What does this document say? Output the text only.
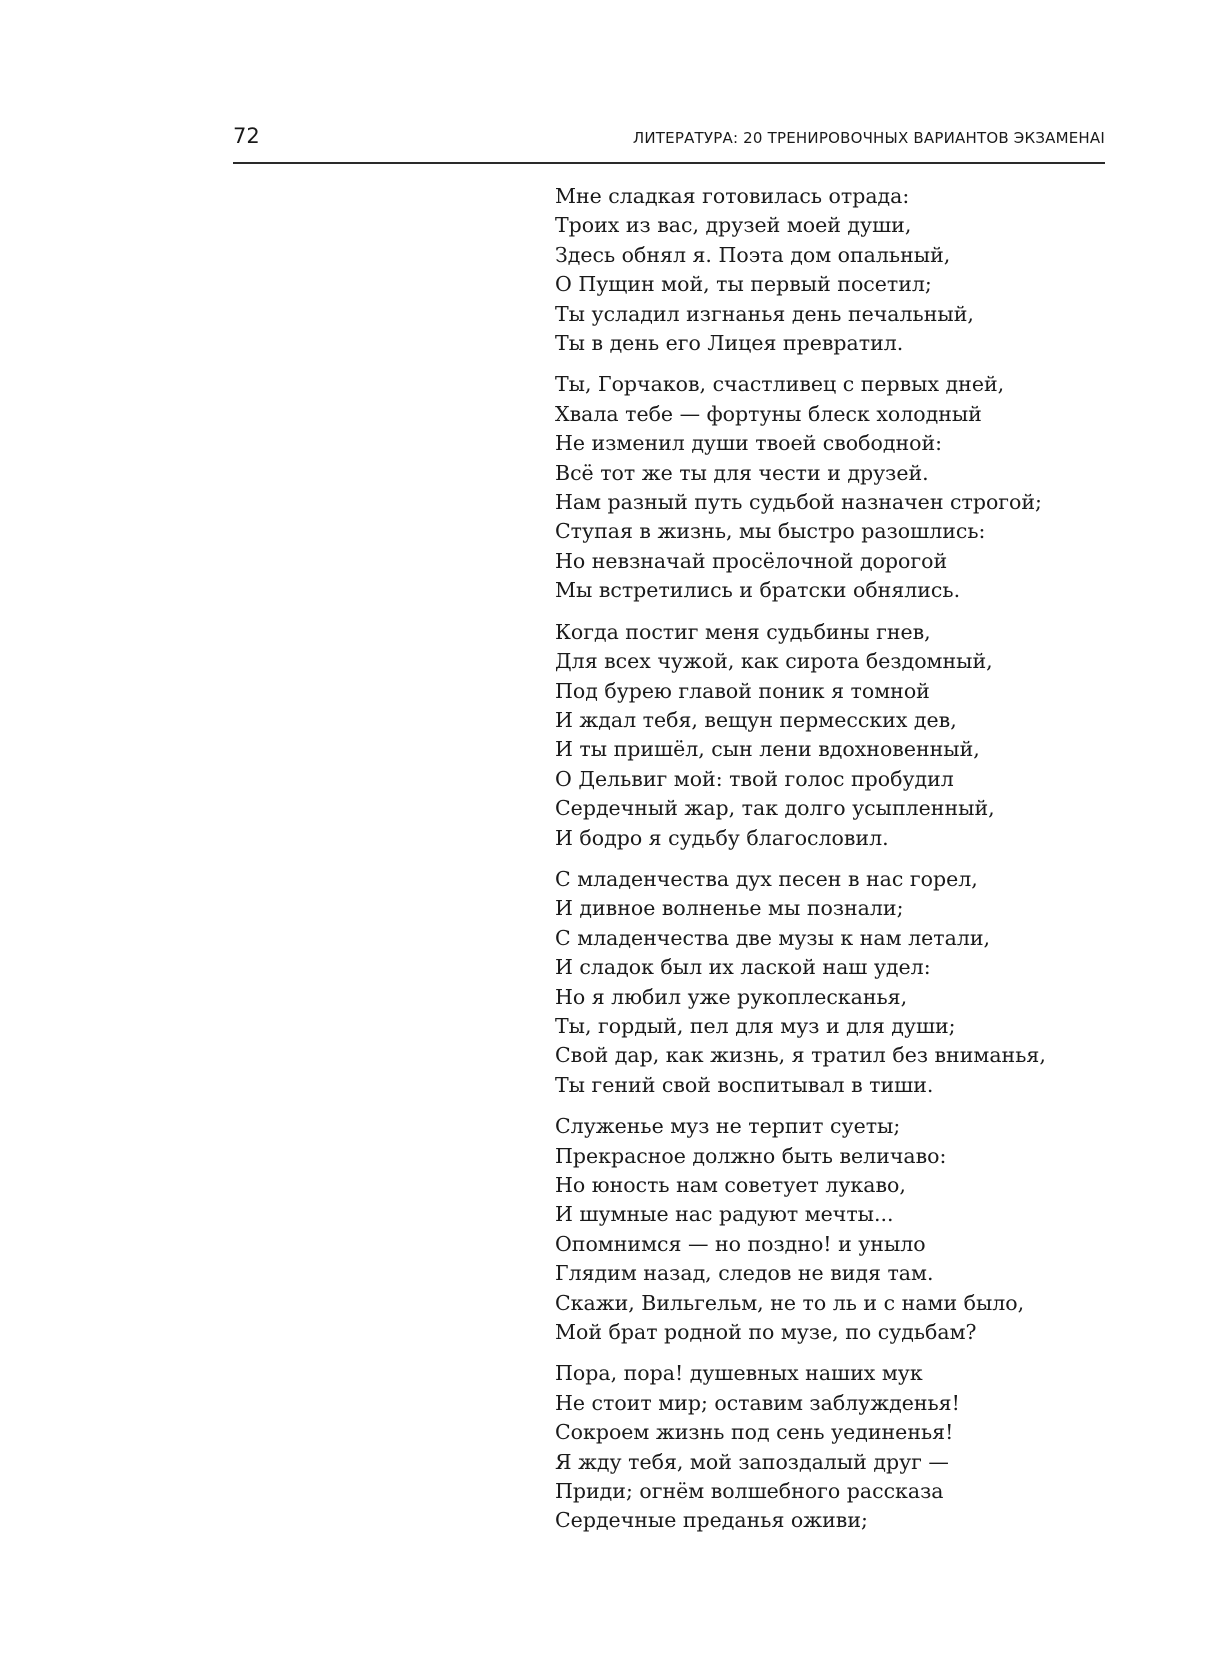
72	ЛИТЕРАТУРА: 20 ТРЕНИРОВОЧНЫХ ВАРИАНТОВ ЭКЗАМЕНАІ
Мне сладкая готовилась отрада:
Троих из вас, друзей моей души,
Здесь обнял я. Поэта дом опальный,
О Пущин мой, ты первый посетил;
Ты усладил изгнанья день печальный,
Ты в день его Лицея превратил.
Ты, Горчаков, счастливец с первых дней,
Хвала тебе — фортуны блеск холодный
Не изменил души твоей свободной:
Всё тот же ты для чести и друзей.
Нам разный путь судьбой назначен строгой;
Ступая в жизнь, мы быстро разошлись:
Но невзначай просёлочной дорогой
Мы встретились и братски обнялись.
Когда постиг меня судьбины гнев,
Для всех чужой, как сирота бездомный,
Под бурею главой поник я томной
И ждал тебя, вещун пермесских дев,
И ты пришёл, сын лени вдохновенный,
О Дельвиг мой: твой голос пробудил
Сердечный жар, так долго усыпленный,
И бодро я судьбу благословил.
С младенчества дух песен в нас горел,
И дивное волненье мы познали;
С младенчества две музы к нам летали,
И сладок был их лаской наш удел:
Но я любил уже рукоплесканья,
Ты, гордый, пел для муз и для души;
Свой дар, как жизнь, я тратил без вниманья,
Ты гений свой воспитывал в тиши.
Служенье муз не терпит суеты;
Прекрасное должно быть величаво:
Но юность нам советует лукаво,
И шумные нас радуют мечты...
Опомнимся — но поздно! и уныло
Глядим назад, следов не видя там.
Скажи, Вильгельм, не то ль и с нами было,
Мой брат родной по музе, по судьбам?
Пора, пора! душевных наших мук
Не стоит мир; оставим заблужденья!
Сокроем жизнь под сень уединенья!
Я жду тебя, мой запоздалый друг —
Приди; огнём волшебного рассказа
Сердечные преданья оживи;
